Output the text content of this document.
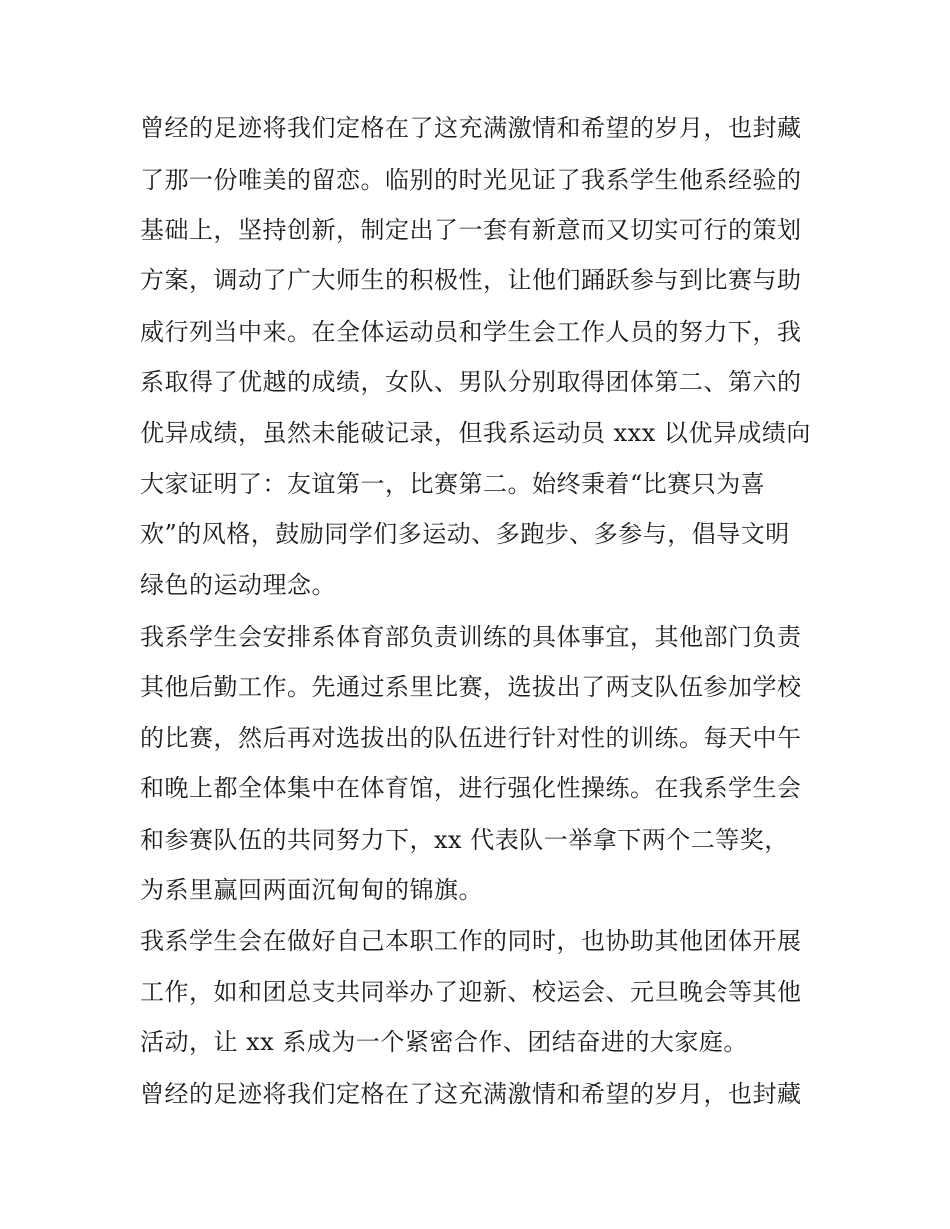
曾经的足迹将我们定格在了这充满激情和希望的岁月，也封藏

了那一份唯美的留恋。临别的时光见证了我系学生他系经验的

基础上，坚持创新，制定出了一套有新意而又切实可行的策划

方案，调动了广大师生的积极性，让他们踊跃参与到比赛与助

威行列当中来。在全体运动员和学生会工作人员的努力下，我

系取得了优越的成绩，女队、男队分别取得团体第二、第六的

优异成绩，虽然未能破记录，但我系运动员 xxx 以优异成绩向

大家证明了：友谊第一，比赛第二。始终秉着“比赛只为喜

欢”的风格，鼓励同学们多运动、多跑步、多参与，倡导文明

绿色的运动理念。

我系学生会安排系体育部负责训练的具体事宜，其他部门负责

其他后勤工作。先通过系里比赛，选拔出了两支队伍参加学校

的比赛，然后再对选拔出的队伍进行针对性的训练。每天中午

和晚上都全体集中在体育馆，进行强化性操练。在我系学生会

和参赛队伍的共同努力下，xx 代表队一举拿下两个二等奖，

为系里赢回两面沉甸甸的锦旗。

我系学生会在做好自己本职工作的同时，也协助其他团体开展

工作，如和团总支共同举办了迎新、校运会、元旦晚会等其他

活动，让 xx 系成为一个紧密合作、团结奋进的大家庭。

曾经的足迹将我们定格在了这充满激情和希望的岁月，也封藏
